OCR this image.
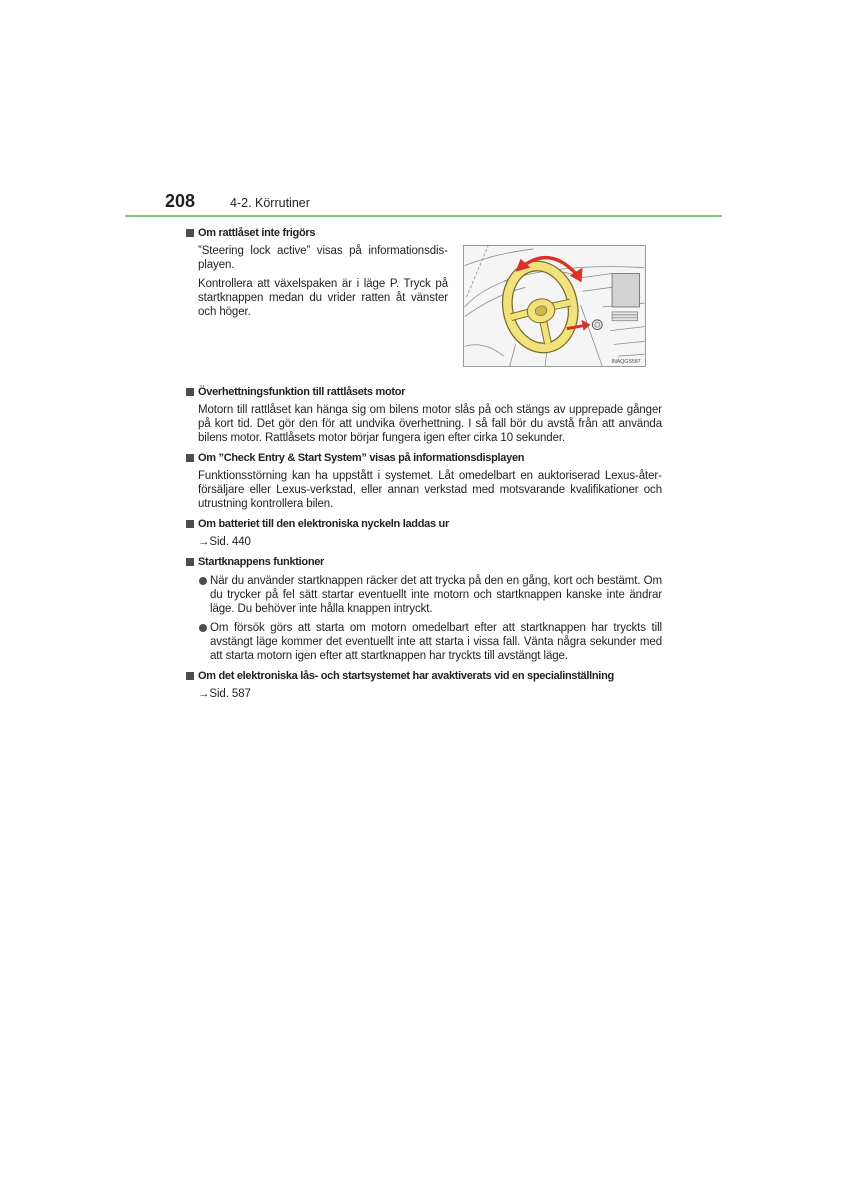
208	4-2. Körrutiner
Om rattlåset inte frigörs

”Steering lock active” visas på informationsdisplayen.

Kontrollera att växelspaken är i läge P. Tryck på startknappen medan du vrider ratten åt vänster och höger.

INAQGS587
Överhettningsfunktion till rattlåsets motor

Motorn till rattlåset kan hänga sig om bilens motor slås på och stängs av upprepade gånger på kort tid. Det gör den för att undvika överhettning. I så fall bör du avstå från att använda bilens motor. Rattlåsets motor börjar fungera igen efter cirka 10 sekunder.

Om ”Check Entry & Start System” visas på informationsdisplayen

Funktionsstörning kan ha uppstått i systemet. Låt omedelbart en auktoriserad Lexus-återförsäljare eller Lexus-verkstad, eller annan verkstad med motsvarande kvalifikationer och utrustning kontrollera bilen.

Om batteriet till den elektroniska nyckeln laddas ur
→Sid. 440
Startknappens funktioner
När du använder startknappen räcker det att trycka på den en gång, kort och bestämt. Om du trycker på fel sätt startar eventuellt inte motorn och startknappen kanske inte ändrar läge. Du behöver inte hålla knappen intryckt.
Om försök görs att starta om motorn omedelbart efter att startknappen har tryckts till avstängt läge kommer det eventuellt inte att starta i vissa fall. Vänta några sekunder med att starta motorn igen efter att startknappen har tryckts till avstängt läge.
Om det elektroniska lås- och startsystemet har avaktiverats vid en specialinställning
→Sid. 587
